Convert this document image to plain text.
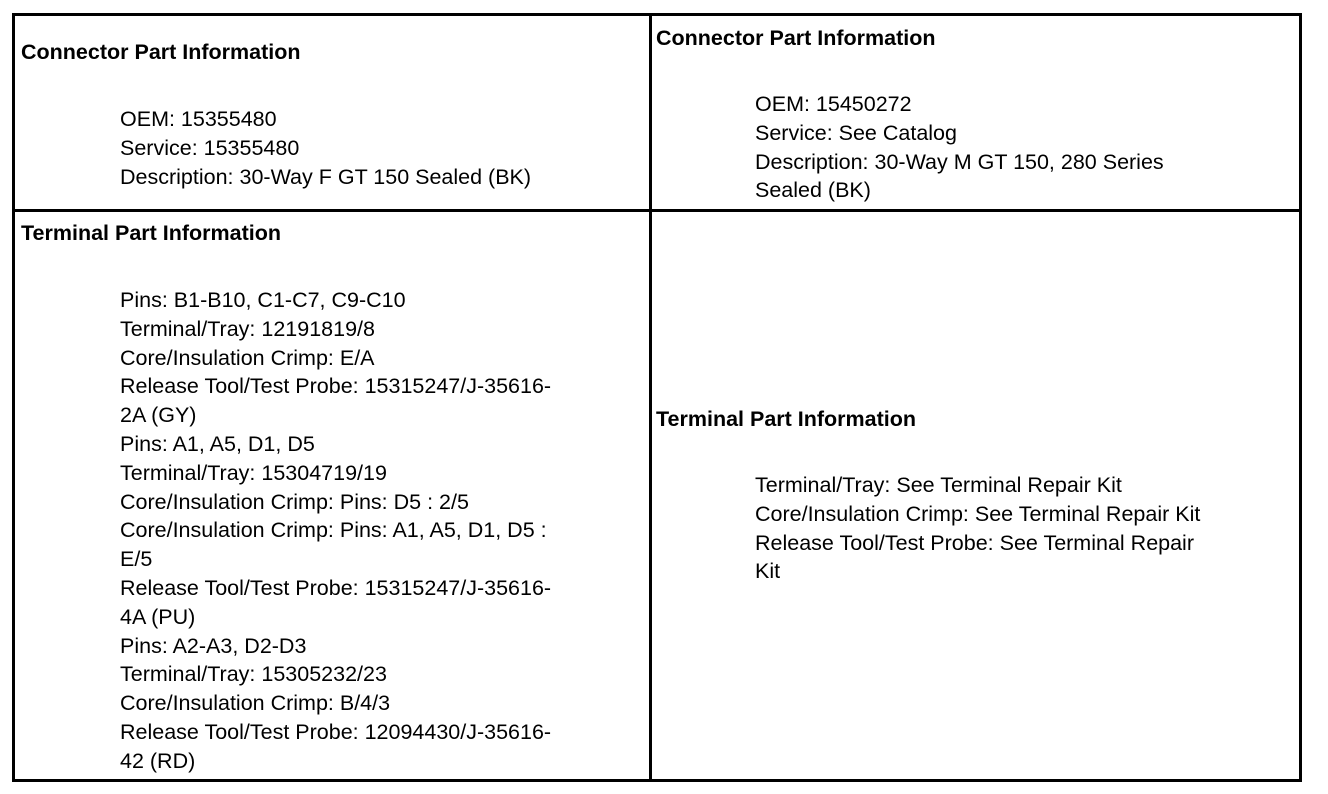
Connector Part Information
OEM: 15355480
Service: 15355480
Description: 30-Way F GT 150 Sealed (BK)
Connector Part Information
OEM: 15450272
Service: See Catalog
Description: 30-Way M GT 150, 280 Series
Sealed (BK)
Terminal Part Information
Pins: B1-B10, C1-C7, C9-C10
Terminal/Tray: 12191819/8
Core/Insulation Crimp: E/A
Release Tool/Test Probe: 15315247/J-35616-
2A (GY)
Pins: A1, A5, D1, D5
Terminal/Tray: 15304719/19
Core/Insulation Crimp: Pins: D5 : 2/5
Core/Insulation Crimp: Pins: A1, A5, D1, D5 :
E/5
Release Tool/Test Probe: 15315247/J-35616-
4A (PU)
Pins: A2-A3, D2-D3
Terminal/Tray: 15305232/23
Core/Insulation Crimp: B/4/3
Release Tool/Test Probe: 12094430/J-35616-
42 (RD)
Terminal Part Information
Terminal/Tray: See Terminal Repair Kit
Core/Insulation Crimp: See Terminal Repair Kit
Release Tool/Test Probe: See Terminal Repair
Kit
